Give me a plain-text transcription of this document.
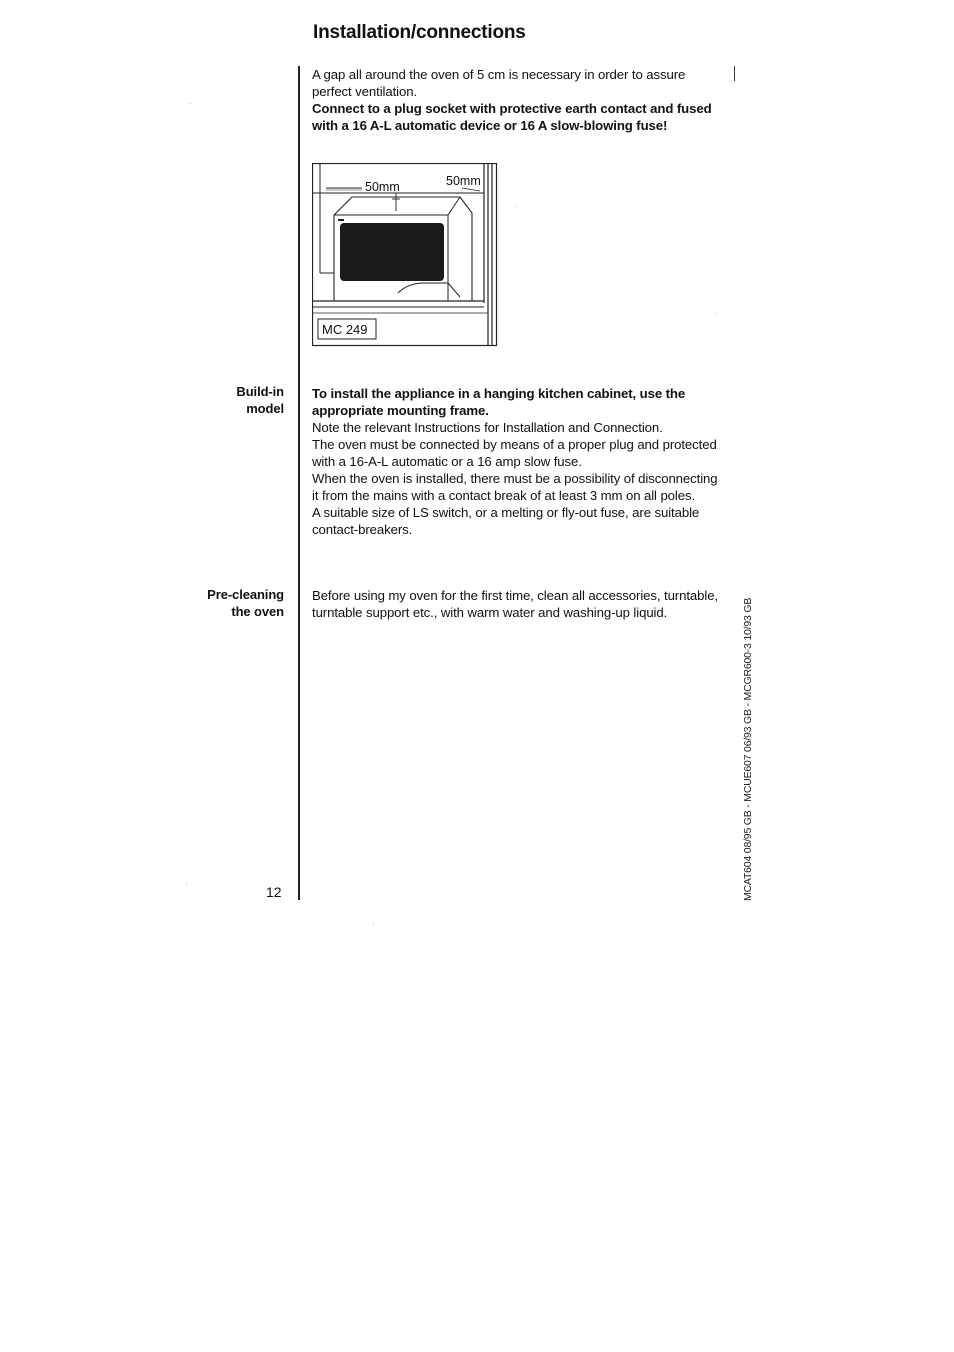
Installation/connections

A gap all around the oven of 5 cm is necessary in order to assure perfect ventilation.

Connect to a plug socket with protective earth contact and fused with a 16 A-L automatic device or 16 A slow-blowing fuse!

50mm	50mm
MC 249
Build-in
model

To install the appliance in a hanging kitchen cabinet, use the appropriate mounting frame.

Note the relevant Instructions for Installation and Connection.

The oven must be connected by means of a proper plug and protected with a 16-A-L automatic or a 16 amp slow fuse.

When the oven is installed, there must be a possibility of disconnecting it from the mains with a contact break of at least 3 mm on all poles.

A suitable size of LS switch, or a melting or fly-out fuse, are suitable contact-breakers.

Pre-cleaning
the oven

Before using my oven for the first time, clean all accessories, turntable, turntable support etc., with warm water and washing-up liquid.

12	MCAT604 08/95 GB - MCUE607 06/93 GB - MCGR600-3 10/93 GB
